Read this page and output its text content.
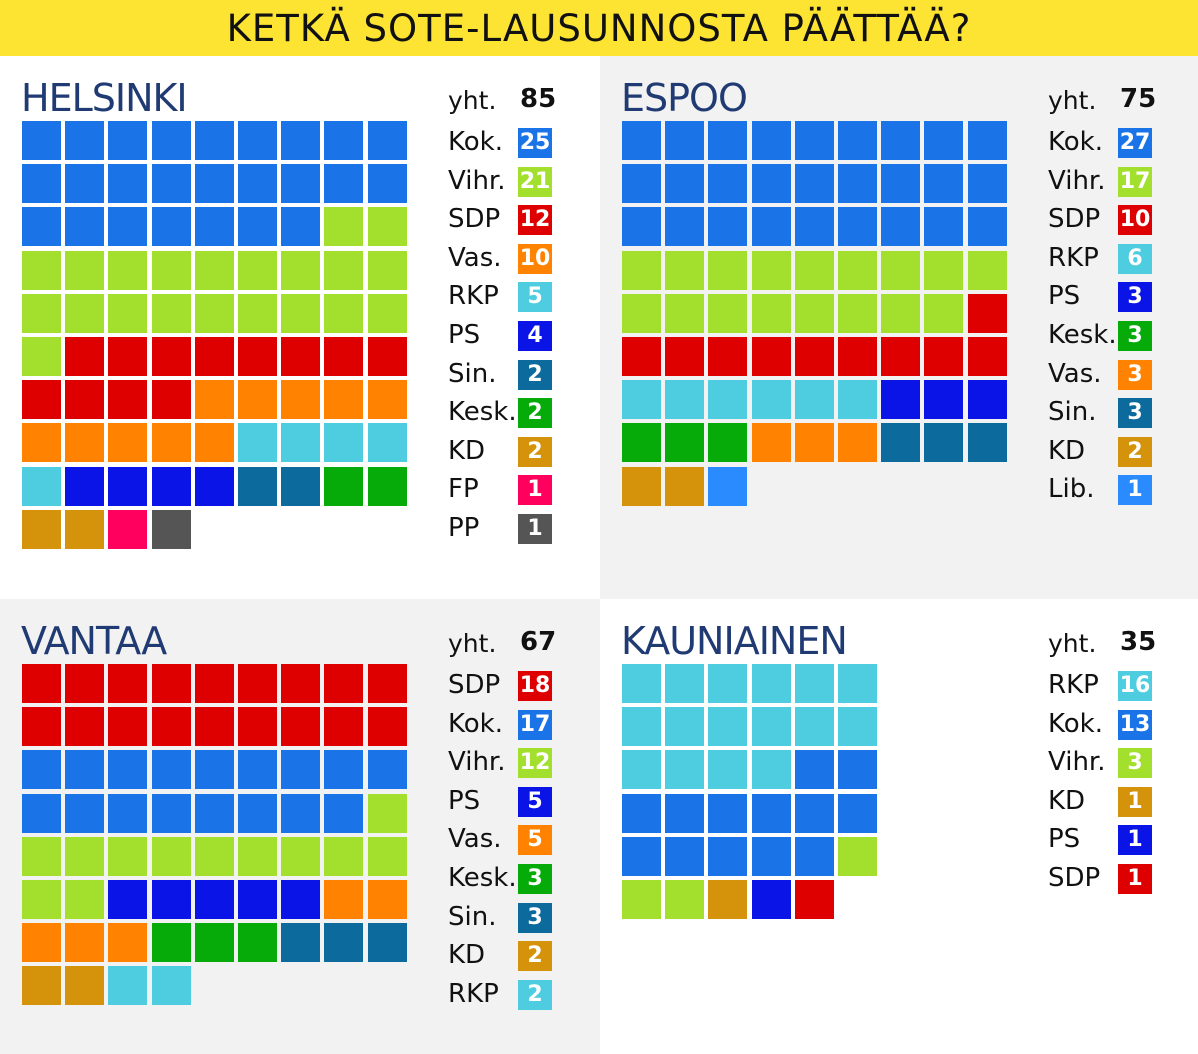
KETKÄ SOTE-LAUSUNNOSTA PÄÄTTÄÄ?
HELSINKI	yht. 85
Kok. 25
Vihr. 21
SDP 12
Vas. 10
RKP	5
PS	4
Sin.	2
Kesk. 2
KD	2
FP	1
PP	1
ESPOO	yht. 75
Kok. 27
Vihr. 17
SDP 10
RKP	6
PS	3
Kesk. 3
Vas.	3
Sin.	3
KD	2
Lib.	1
VANTAA	yht. 67
SDP 18
Kok. 17
Vihr. 12
PS	5
Vas.	5
Kesk. 3
Sin.	3
KD	2
RKP	2
KAUNIAINEN	yht. 35
RKP 16
Kok. 13
Vihr. 3
KD	1
PS	1
SDP	1
